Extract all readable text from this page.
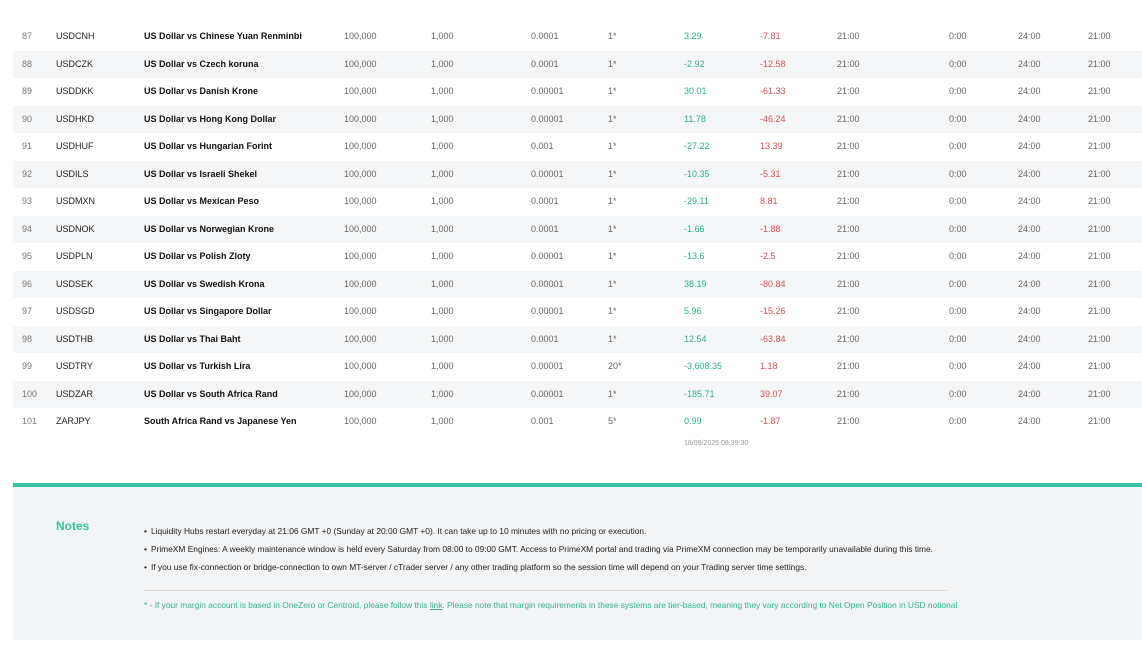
87	USDCNH	US Dollar vs Chinese Yuan Renminbi	100,000	1,000	0.0001	1*	3.29	-7.81	21:00	0:00	24:00	21:00
88	USDCZK	US Dollar vs Czech koruna	100,000	1,000	0.0001	1*	-2.92	-12.58	21:00	0:00	24:00	21:00
89	USDDKK	US Dollar vs Danish Krone	100,000	1,000	0.00001	1*	30.01	-61.33	21:00	0:00	24:00	21:00
90	USDHKD	US Dollar vs Hong Kong Dollar	100,000	1,000	0.00001	1*	11.78	-46.24	21:00	0:00	24:00	21:00
91	USDHUF	US Dollar vs Hungarian Forint	100,000	1,000	0.001	1*	-27.22	13.39	21:00	0:00	24:00	21:00
92	USDILS	US Dollar vs Israeli Shekel	100,000	1,000	0.00001	1*	-10.35	-5.31	21:00	0:00	24:00	21:00
93	USDMXN	US Dollar vs Mexican Peso	100,000	1,000	0.0001	1*	-29.11	8.81	21:00	0:00	24:00	21:00
94	USDNOK	US Dollar vs Norwegian Krone	100,000	1,000	0.0001	1*	-1.66	-1.88	21:00	0:00	24:00	21:00
95	USDPLN	US Dollar vs Polish Zloty	100,000	1,000	0.00001	1*	-13.6	-2.5	21:00	0:00	24:00	21:00
96	USDSEK	US Dollar vs Swedish Krona	100,000	1,000	0.00001	1*	38.19	-80.84	21:00	0:00	24:00	21:00
97	USDSGD	US Dollar vs Singapore Dollar	100,000	1,000	0.00001	1*	5.96	-15.26	21:00	0:00	24:00	21:00
98	USDTHB	US Dollar vs Thai Baht	100,000	1,000	0.0001	1*	12.54	-63.84	21:00	0:00	24:00	21:00
99	USDTRY	US Dollar vs Turkish Lira	100,000	1,000	0.00001	20*	-3,608.35	1.18	21:00	0:00	24:00	21:00
100 USDZAR	US Dollar vs South Africa Rand	100,000	1,000	0.00001	1*	-185.71	39.07	21:00	0:00	24:00	21:00
101 ZARJPY	South Africa Rand vs Japanese Yen	100,000	1,000	0.001	5*	0.99	-1.87	21:00	0:00	24:00	21:00
18/09/2025 08:39:30
Notes
•	Liquidity Hubs restart everyday at 21:06 GMT +0 (Sunday at 20:00 GMT +0). It can take up to 10 minutes with no pricing or execution.
• PrimeXM Engines: A weekly maintenance window is held every Saturday from 08:00 to 09:00 GMT. Access to PrimeXM portal and trading via PrimeXM connection may be temporarily unavailable during this time.
• If you use fix-connection or bridge-connection to own MT-server / cTrader server / any other trading platform so the session time will depend on your Trading server time settings.
* - If your margin account is based in OneZero or Centroid, please follow this link. Please note that margin requirements in these systems are tier-based, meaning they vary according to Net Open Position in USD notional
